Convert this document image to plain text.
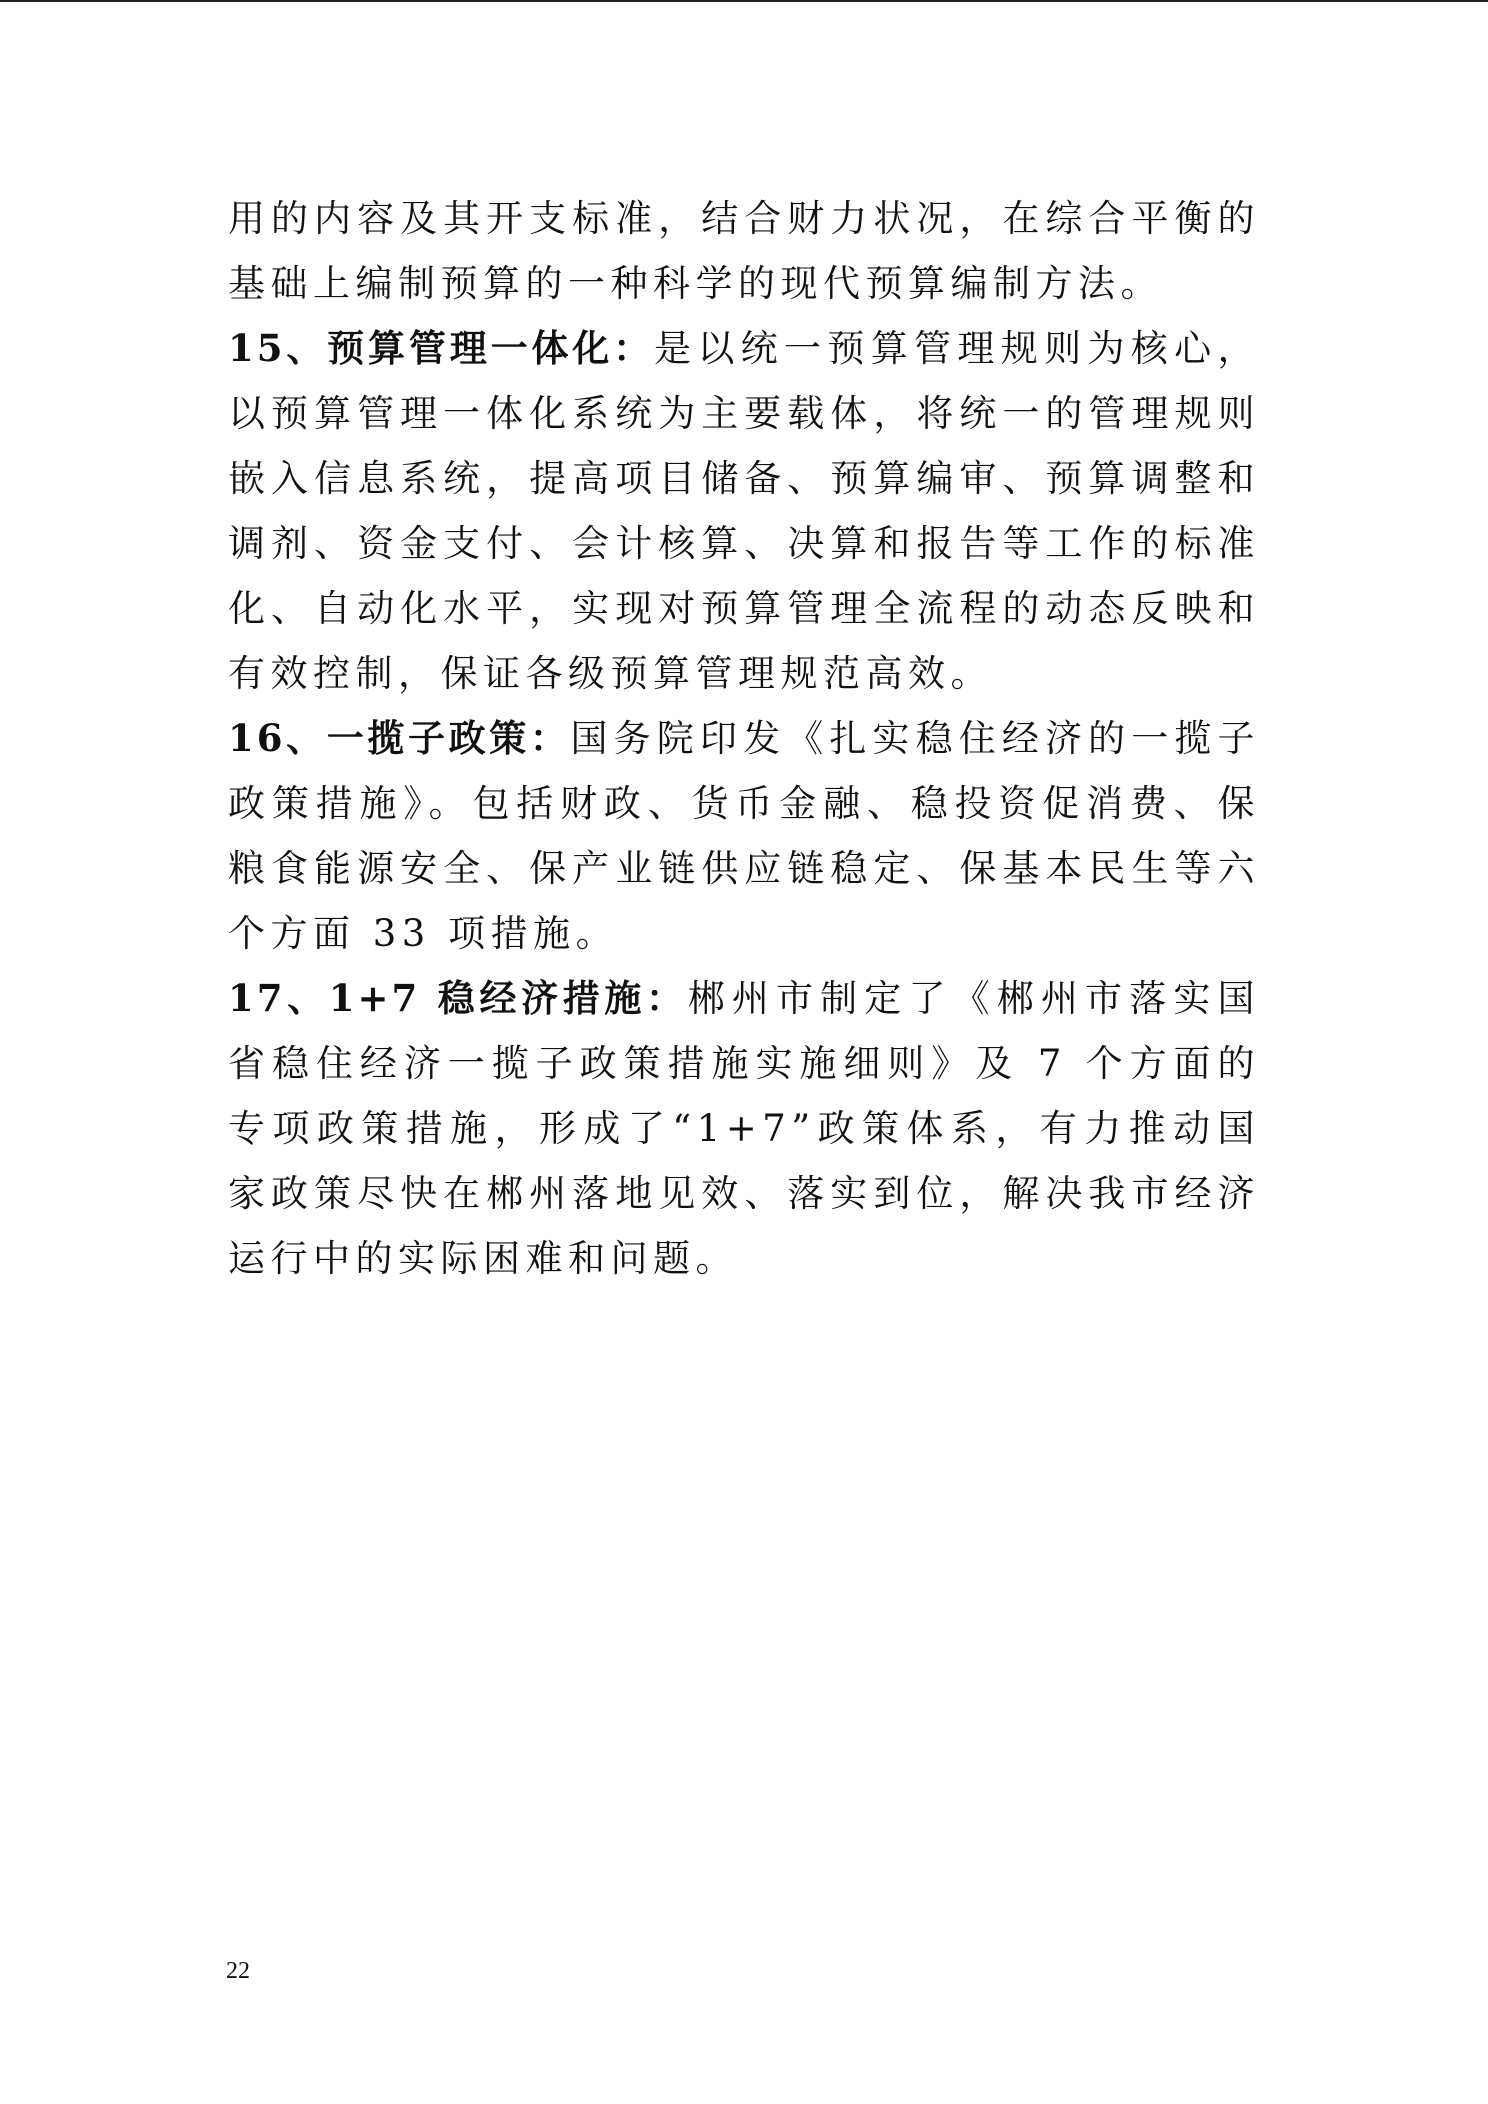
用的内容及其开支标准，结合财力状况，在综合平衡的基础上编制预算的一种科学的现代预算编制方法。

15、预算管理一体化：是以统一预算管理规则为核心，以预算管理一体化系统为主要载体，将统一的管理规则嵌入信息系统，提高项目储备、预算编审、预算调整和调剂、资金支付、会计核算、决算和报告等工作的标准化、自动化水平，实现对预算管理全流程的动态反映和有效控制，保证各级预算管理规范高效。

16、一揽子政策：国务院印发《扎实稳住经济的一揽子政策措施》。包括财政、货币金融、稳投资促消费、保粮食能源安全、保产业链供应链稳定、保基本民生等六个方面 33 项措施。

17、1+7 稳经济措施：郴州市制定了《郴州市落实国省稳住经济一揽子政策措施实施细则》及 7 个方面的专项政策措施，形成了“1+7”政策体系，有力推动国家政策尽快在郴州落地见效、落实到位，解决我市经济运行中的实际困难和问题。

22
